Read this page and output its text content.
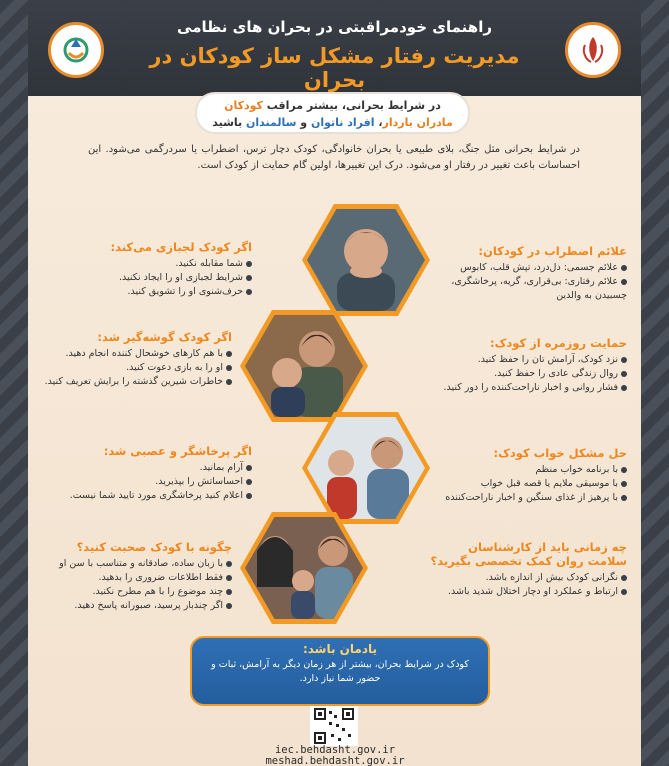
راهنمای خودمراقبتی در بحران های نظامی
مدیریت رفتار مشکل ساز کودکان در بحران
در شرایط بحرانی، بیشتر مراقب کودکان
مادران باردار، افراد ناتوان و سالمندان باشید

در شرایط بحرانی مثل جنگ، بلای طبیعی یا بحران خانوادگی، کودک دچار ترس، اضطراب یا سردرگمی می‌شود. این احساسات باعث تغییر در رفتار او می‌شود. درک این تغییرها، اولین گام حمایت از کودک است.

علائم اضطراب در کودکان:
علائم جسمی: دل‌درد، تپش قلب، کابوس
علائم رفتاری: بی‌قراری، گریه، پرخاشگری، چسبیدن به والدین
حمایت روزمره از کودک:
نزد کودک، آرامش تان را حفظ کنید.
روال زندگی عادی را حفظ کنید.
فشار روانی و اخبار ناراحت‌کننده را دور کنید.
حل مشکل خواب کودک:
با برنامه خواب منظم
با موسیقی ملایم یا قصه قبل خواب
با پرهیز از غذای سنگین و اخبار ناراحت‌کننده
چه زمانی باید از کارشناسان سلامت روان کمک تخصصی بگیرید؟
نگرانی کودک بیش از اندازه باشد.
ارتباط و عملکرد او دچار اختلال شدید باشد.
اگر کودک لجبازی می‌کند:
شما مقابله نکنید.
شرایط لجبازی او را ایجاد نکنید.
حرف‌شنوی او را تشویق کنید.
اگر کودک گوشه‌گیر شد:
با هم کارهای خوشحال کننده انجام دهید.
او را به بازی دعوت کنید.
خاطرات شیرین گذشته را برایش تعریف کنید.
اگر پرخاشگر و عصبی شد:
آرام بمانید.
احساساتش را بپذیرید.
اعلام کنید پرخاشگری مورد تایید شما نیست.
چگونه با کودک صحبت کنید؟
با زبان ساده، صادقانه و متناسب با سن او
فقط اطلاعات ضروری را بدهید.
چند موضوع را با هم مطرح نکنید.
اگر چندبار پرسید، صبورانه پاسخ دهید.
یادمان باشد:
کودک در شرایط بحران، بیشتر از هر زمان دیگر به آرامش، ثبات و حضور شما نیاز دارد.
iec.behdasht.gov.ir
meshad.behdasht.gov.ir
